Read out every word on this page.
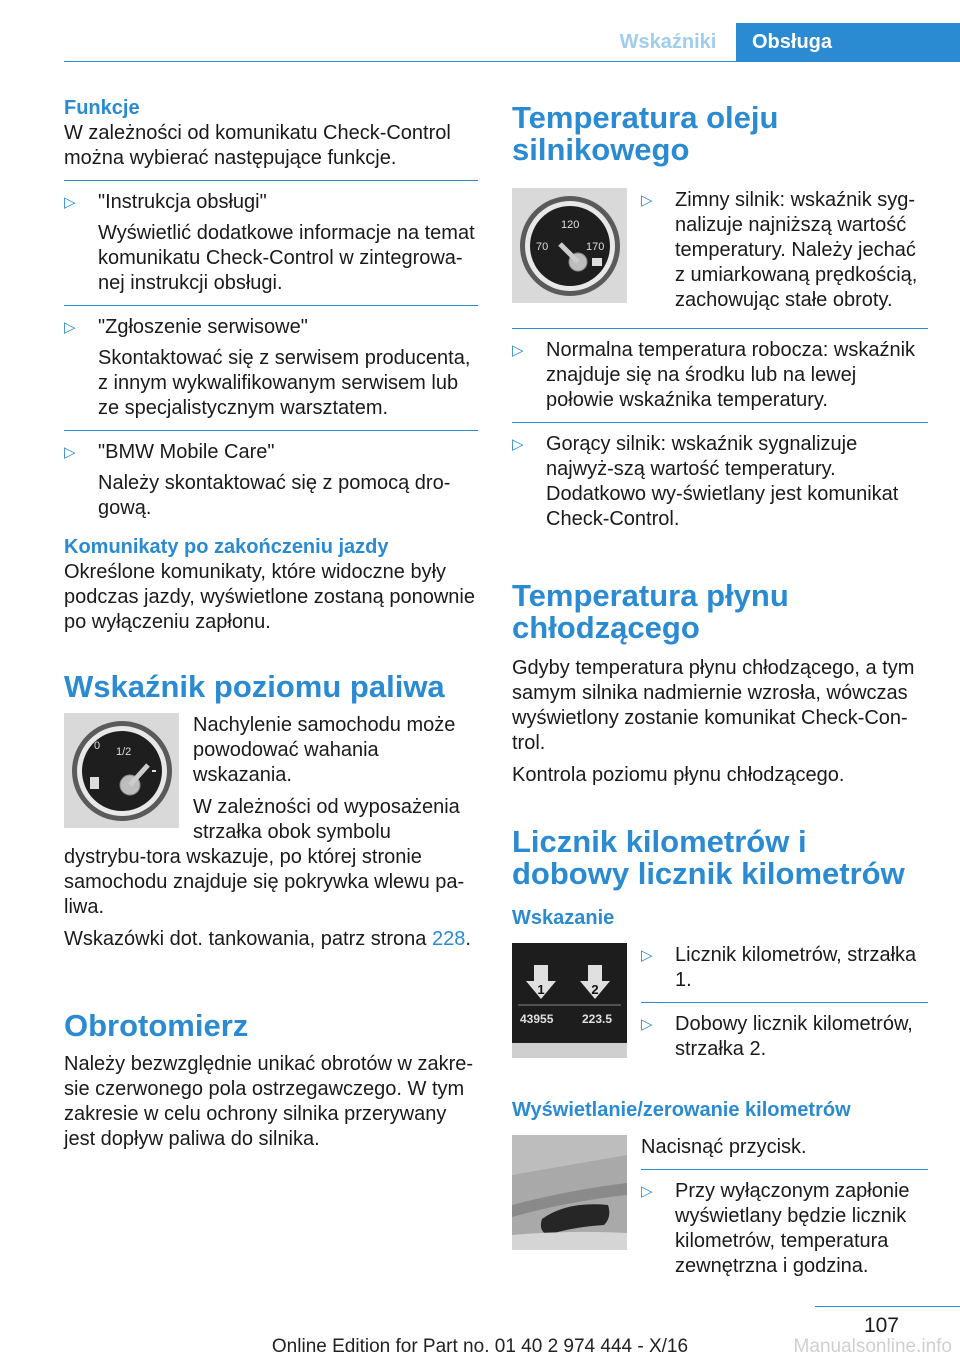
Wskaźniki	Obsługa
Funkcje

W zależności od komunikatu Check-Control można wybierać następujące funkcje.

▷ "Instrukcja obsługi"

Wyświetlić dodatkowe informacje na temat komunikatu Check-Control w zintegrowa‐nej instrukcji obsługi.

▷ "Zgłoszenie serwisowe"

Skontaktować się z serwisem producenta, z innym wykwalifikowanym serwisem lub ze specjalistycznym warsztatem.

▷ "BMW Mobile Care"

Należy skontaktować się z pomocą dro‐gową.

Komunikaty po zakończeniu jazdy

Określone komunikaty, które widoczne były podczas jazdy, wyświetlone zostaną ponownie po wyłączeniu zapłonu.

Wskaźnik poziomu paliwa
0 1/2

Nachylenie samochodu może powodować wahania wskazania.

W zależności od wyposażenia strzałka obok symbolu dystrybu‐tora wskazuje, po której stronie samochodu znajduje się pokrywka wlewu pa‐liwa.

Wskazówki dot. tankowania, patrz strona 228.

Obrotomierz

Należy bezwzględnie unikać obrotów w zakre‐sie czerwonego pola ostrzegawczego. W tym zakresie w celu ochrony silnika przerywany jest dopływ paliwa do silnika.

Temperatura oleju silnikowego
120
70	170
▷ Zimny silnik: wskaźnik syg‐nalizuje najniższą wartość temperatury. Należy jechać z umiarkowaną prędkością, zachowując stałe obroty.

▷ Normalna temperatura robocza: wskaźnik znajduje się na środku lub na lewej połowie wskaźnika temperatury.

▷ Gorący silnik: wskaźnik sygnalizuje najwyż‐szą wartość temperatury. Dodatkowo wy‐świetlany jest komunikat Check-Control.

Temperatura płynu chłodzącego

Gdyby temperatura płynu chłodzącego, a tym samym silnika nadmiernie wzrosła, wówczas wyświetlony zostanie komunikat Check-Con‐trol.

Kontrola poziomu płynu chłodzącego.

Licznik kilometrów i dobowy licznik kilometrów
Wskazanie
1	2
43955 223.5
▷ Licznik kilometrów, strzałka 1.

▷ Dobowy licznik kilometrów, strzałka 2.

Wyświetlanie/zerowanie kilometrów

Nacisnąć przycisk.

▷ Przy wyłączonym zapłonie wyświetlany będzie licznik kilometrów, temperatura zewnętrzna i godzina.

107
Online Edition for Part no. 01 40 2 974 444 - X/16	Manualsonline.info
